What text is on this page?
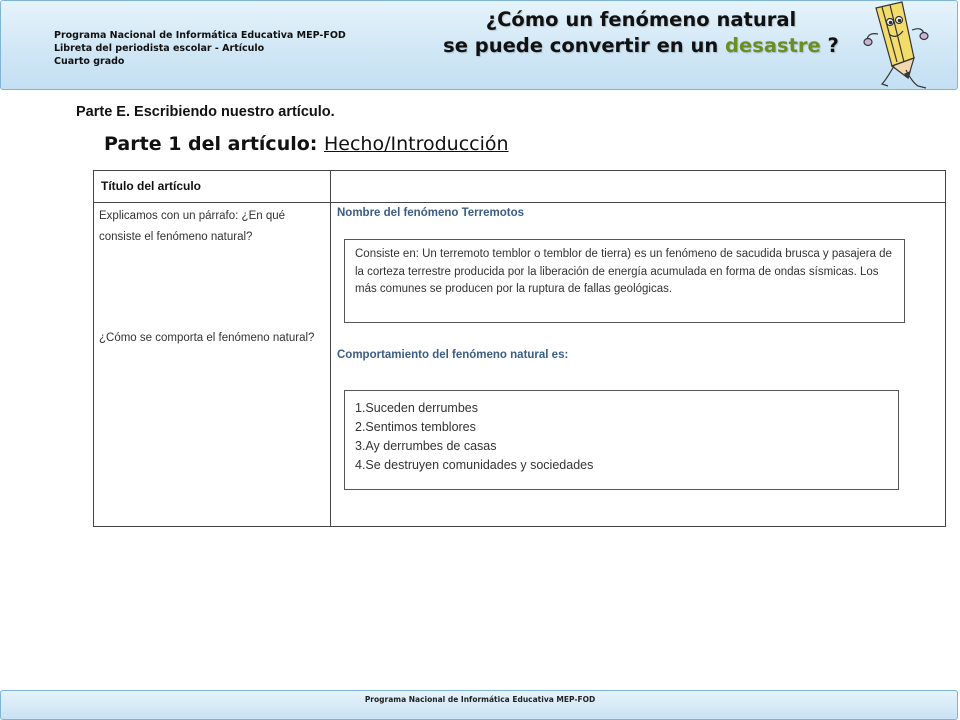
Programa Nacional de Informática Educativa MEP-FOD
Libreta del periodista escolar - Artículo
Cuarto grado
¿Cómo un fenómeno natural
se puede convertir en un desastre ?
Parte E. Escribiendo nuestro artículo.
Parte 1 del artículo: Hecho/Introducción
Título del artículo
Explicamos con un párrafo: ¿En qué consiste el fenómeno natural?
¿Cómo se comporta el fenómeno natural?
Nombre del fenómeno Terremotos
Consiste en: Un terremoto temblor o temblor de tierra) es un fenómeno de sacudida brusca y pasajera de la corteza terrestre producida por la liberación de energía acumulada en forma de ondas sísmicas. Los más comunes se producen por la ruptura de fallas geológicas.
Comportamiento del fenómeno natural es:
1.Suceden derrumbes
2.Sentimos temblores
3.Ay derrumbes de casas
4.Se destruyen comunidades y sociedades
Programa Nacional de Informática Educativa MEP-FOD
